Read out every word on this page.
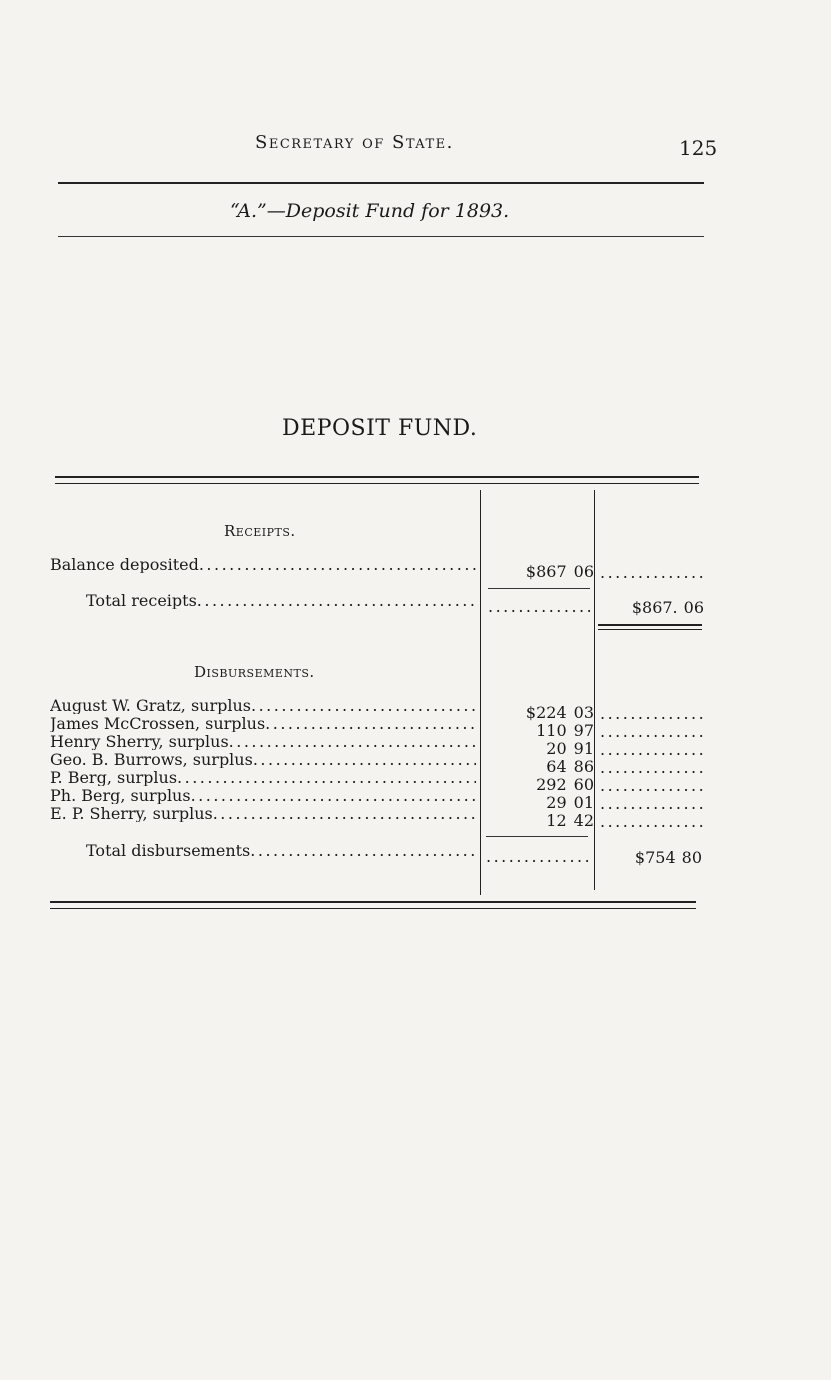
Secretary of State.	125
“A.”—Deposit Fund for 1893.
DEPOSIT FUND.
Receipts.
Balance deposited .....	$867 06
.....
Total receipts ..... .....	$867. 06
Disbursements.
August W. Gratz, surplus .....	$224 03
.....
James McCrossen, surplus .....	110 97
.....
Henry Sherry, surplus .....	20 91
.....
Geo. B. Burrows, surplus .....	64 86
.....
P. Berg, surplus .....	292 60
.....
Ph. Berg, surplus .....	29 01
.....
E. P. Sherry, surplus .....	12 42
.....
Total disbursements ..... .....	$754 80
